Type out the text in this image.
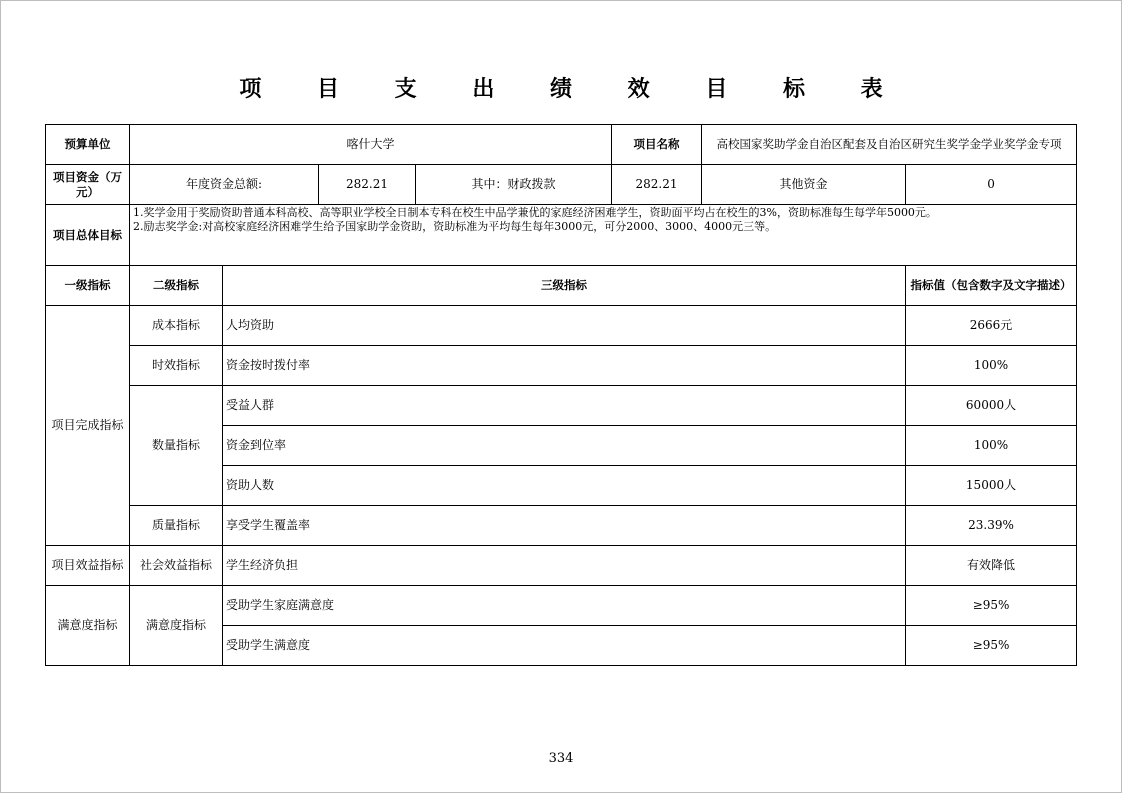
项 目 支 出 绩 效 目 标 表
预算单位	喀什大学				项目名称	高校国家奖助学金自治区配套及自治区研究生奖学金学业奖学金专项	
项目资金（万元）	年度资金总额:		282.21	其中：财政拨款	282.21	其他资金	0
项目总体目标	1.奖学金用于奖励资助普通本科高校、高等职业学校全日制本专科在校生中品学兼优的家庭经济困难学生，资助面平均占在校生的3%，资助标准每生每学年5000元。
2.励志奖学金:对高校家庭经济困难学生给予国家助学金资助，资助标准为平均每生每年3000元，可分2000、3000、4000元三等。						

一级指标	二级指标	三级指标					指标值（包含数字及文字描述）
项目完成指标	成本指标	人均资助					2666元
	时效指标	资金按时拨付率					100%
	数量指标	受益人群					60000人
		资金到位率					100%
		资助人数					15000人
	质量指标	享受学生覆盖率					23.39%
项目效益指标	社会效益指标	学生经济负担					有效降低
满意度指标	满意度指标	受助学生家庭满意度					≥95%
		受助学生满意度					≥95%
334
